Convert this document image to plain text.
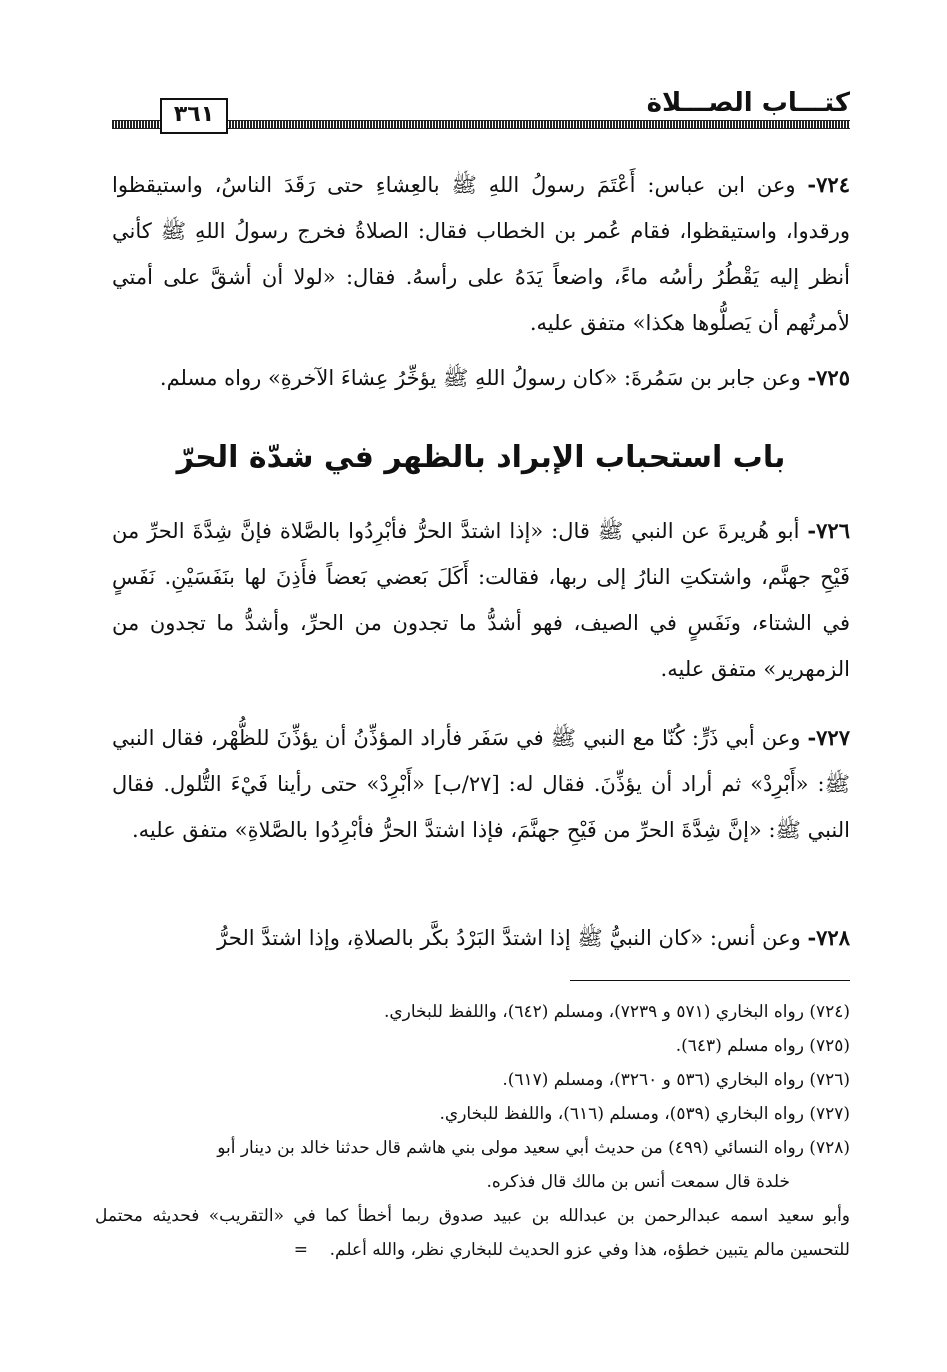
٣٦١	كتـــاب الصـــلاة

٧٢٤- وعن ابن عباس: أَعْتَمَ رسولُ اللهِ ﷺ بالعِشاءِ حتى رَقَدَ الناسُ، واستيقظوا ورقدوا، واستيقظوا، فقام عُمر بن الخطاب فقال: الصلاةُ فخرج رسولُ اللهِ ﷺ كأني أنظر إليه يَقْطُرُ رأسُه ماءً، واضعاً يَدَهُ على رأسهُ. فقال: «لولا أن أشقَّ على أمتي لأمرتُهم أن يَصلُّوها هكذا» متفق عليه.

٧٢٥- وعن جابر بن سَمُرةَ: «كان رسولُ اللهِ ﷺ يؤخِّرُ عِشاءَ الآخرةِ» رواه مسلم.

باب استحباب الإبراد بالظهر في شدّة الحرّ

٧٢٦- أبو هُريرةَ عن النبي ﷺ قال: «إذا اشتدَّ الحرُّ فأبْرِدُوا بالصَّلاة فإنَّ شِدَّةَ الحرِّ من فَيْحِ جهنَّم، واشتكتِ النارُ إلى ربها، فقالت: أَكَلَ بَعضي بَعضاً فأَذِنَ لها بنَفَسَيْنِ. نَفَسٍ في الشتاء، ونَفَسٍ في الصيف، فهو أشدُّ ما تجدون من الحرِّ، وأشدُّ ما تجدون من الزمهرير» متفق عليه.

٧٢٧- وعن أبي ذَرٍّ: كُنّا مع النبي ﷺ في سَفَر فأراد المؤذِّنُ أن يؤذِّنَ للظُّهْر، فقال النبي ﷺ: «أَبْرِدْ» ثم أراد أن يؤذِّنَ. فقال له: [٢٧/ب] «أَبْرِدْ» حتى رأينا فَيْءَ التُّلول. فقال النبي ﷺ: «إنَّ شِدَّةَ الحرِّ من فَيْحِ جهنَّمَ، فإذا اشتدَّ الحرُّ فأبْرِدُوا بالصَّلاةِ» متفق عليه.

٧٢٨- وعن أنس: «كان النبيُّ ﷺ إذا اشتدَّ البَرْدُ بكَّر بالصلاةِ، وإذا اشتدَّ الحرُّ

(٧٢٤) رواه البخاري (٥٧١ و ٧٢٣٩)، ومسلم (٦٤٢)، واللفظ للبخاري.

(٧٢٥) رواه مسلم (٦٤٣).

(٧٢٦) رواه البخاري (٥٣٦ و ٣٢٦٠)، ومسلم (٦١٧).

(٧٢٧) رواه البخاري (٥٣٩)، ومسلم (٦١٦)، واللفظ للبخاري.

(٧٢٨) رواه النسائي (٤٩٩) من حديث أبي سعيد مولى بني هاشم قال حدثنا خالد بن دينار أبو

خلدة قال سمعت أنس بن مالك قال فذكره.

وأبو سعيد اسمه عبدالرحمن بن عبدالله بن عبيد صدوق ربما أخطأ كما في «التقريب» فحديثه محتمل للتحسين مالم يتبين خطؤه، هذا وفي عزو الحديث للبخاري نظر، والله أعلم.    =
